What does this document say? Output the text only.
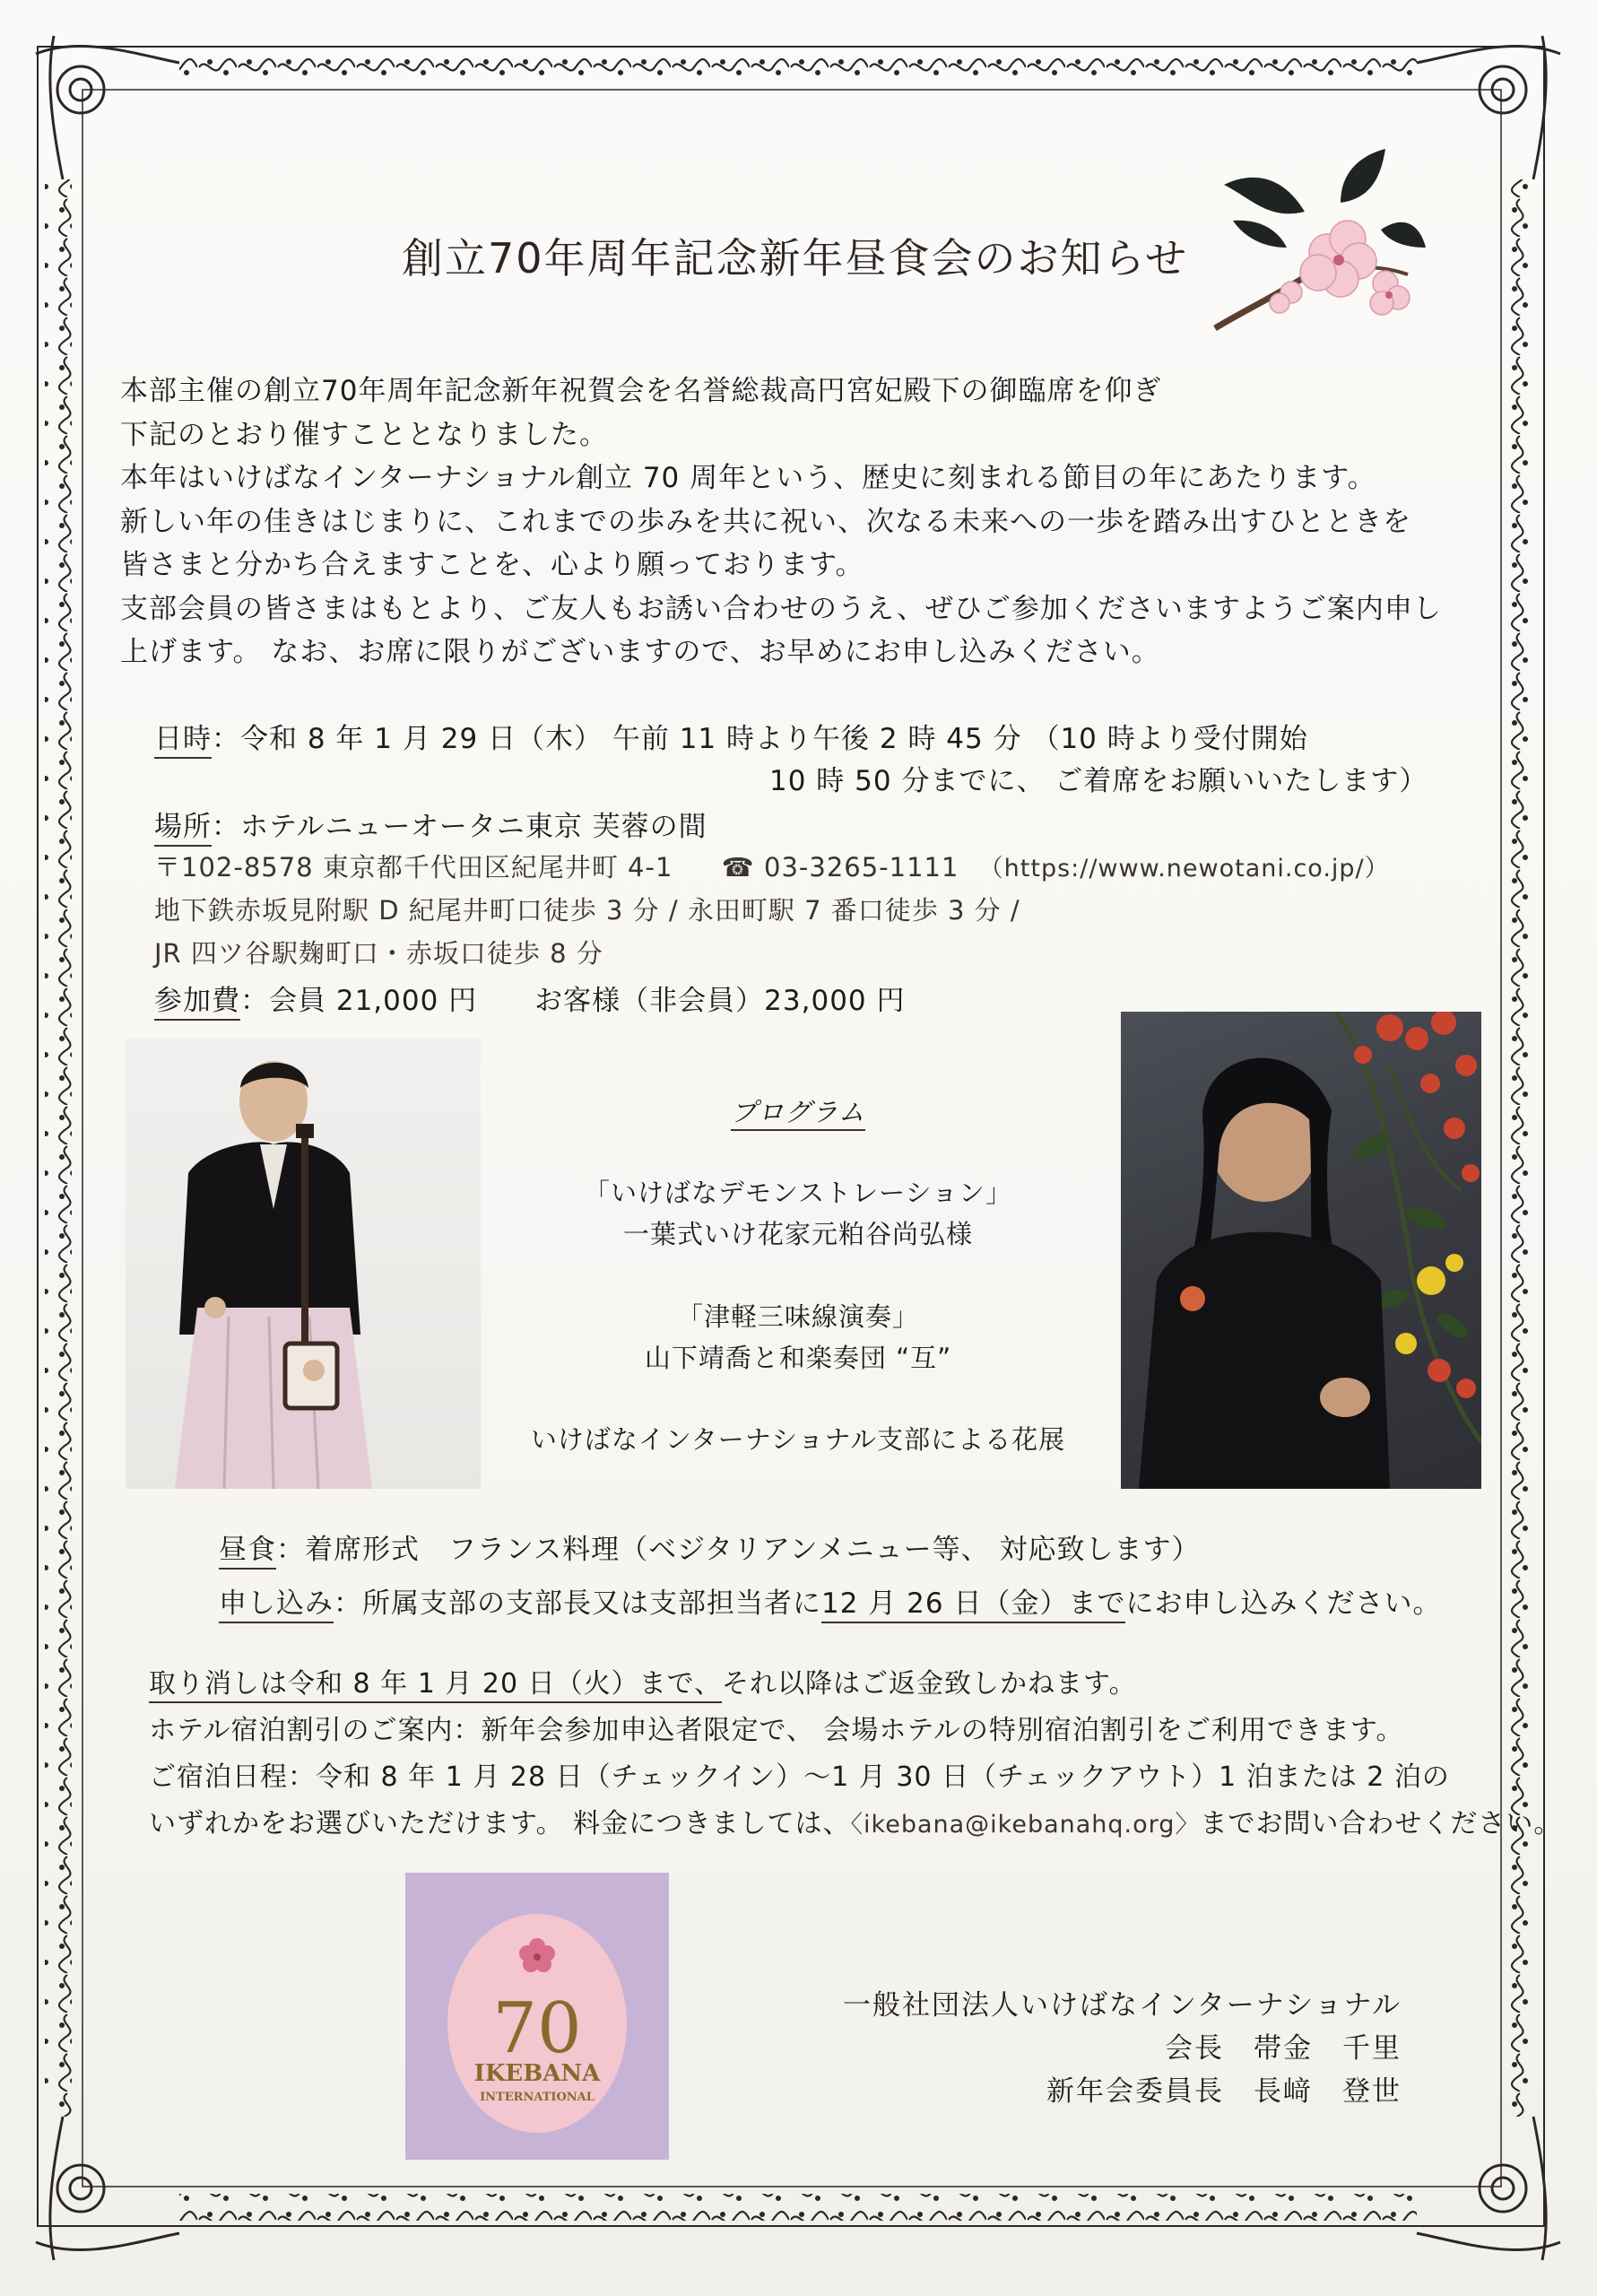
創立70年周年記念新年昼食会のお知らせ
本部主催の創立70年周年記念新年祝賀会を名誉総裁高円宮妃殿下の御臨席を仰ぎ
下記のとおり催すこととなりました。
本年はいけばなインターナショナル創立 70 周年という、歴史に刻まれる節目の年にあたります。
新しい年の佳きはじまりに、これまでの歩みを共に祝い、次なる未来への一歩を踏み出すひとときを
皆さまと分かち合えますことを、心より願っております。
支部会員の皆さまはもとより、ご友人もお誘い合わせのうえ、ぜひご参加くださいますようご案内申し
上げます。 なお、お席に限りがございますので、お早めにお申し込みください。
日時：令和 8 年 1 月 29 日（木） 午前 11 時より午後 2 時 45 分 （10 時より受付開始
10 時 50 分までに、 ご着席をお願いいたします）
場所：ホテルニューオータニ東京 芙蓉の間
〒102-8578 東京都千代田区紀尾井町 4-1 ☎ 03-3265-1111 （https://www.newotani.co.jp/）
地下鉄赤坂見附駅 D 紀尾井町口徒歩 3 分 / 永田町駅 7 番口徒歩 3 分 /
JR 四ツ谷駅麹町口・赤坂口徒歩 8 分
参加費：会員 21,000 円　　お客様（非会員）23,000 円
プログラム
「いけばなデモンストレーション」
一葉式いけ花家元粕谷尚弘様
「津軽三味線演奏」
山下靖喬と和楽奏団 “互”
いけばなインターナショナル支部による花展
昼食：着席形式　フランス料理（ベジタリアンメニュー等、 対応致します）
申し込み：所属支部の支部長又は支部担当者に12 月 26 日（金）までにお申し込みください。
取り消しは令和 8 年 1 月 20 日（火）まで、それ以降はご返金致しかねます。
ホテル宿泊割引のご案内：新年会参加申込者限定で、 会場ホテルの特別宿泊割引をご利用できます。
ご宿泊日程：令和 8 年 1 月 28 日（チェックイン）～1 月 30 日（チェックアウト）1 泊または 2 泊の
いずれかをお選びいただけます。 料金につきましては、〈ikebana@ikebanahq.org〉までお問い合わせください。
70
IKEBANA
INTERNATIONAL
一般社団法人いけばなインターナショナル
会長　帯金　千里
新年会委員長　長﨑　登世
